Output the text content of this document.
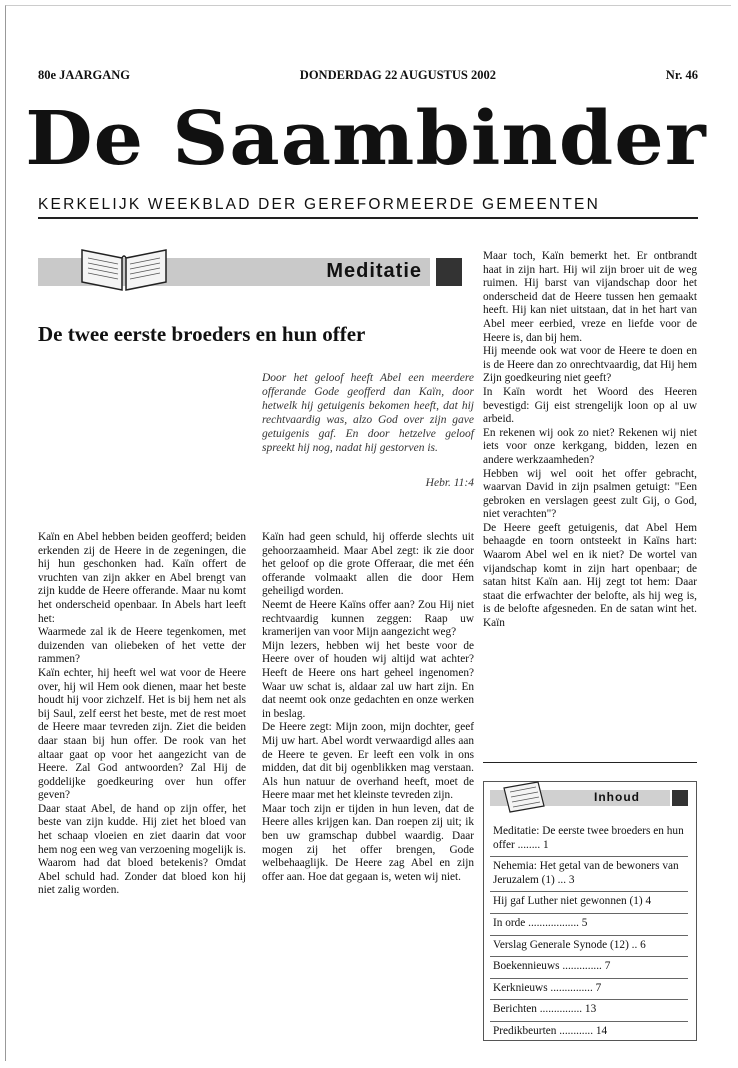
80e JAARGANG	DONDERDAG 22 AUGUSTUS 2002	Nr. 46
De Saambinder
KERKELIJK WEEKBLAD DER GEREFORMEERDE GEMEENTEN
Meditatie
De twee eerste broeders en hun offer
Door het geloof heeft Abel een meerdere offerande Gode geofferd dan Kaïn, door hetwelk hij getuigenis bekomen heeft, dat hij rechtvaardig was, alzo God over zijn gave getuigenis gaf. En door hetzelve geloof spreekt hij nog, nadat hij gestorven is.
Hebr. 11:4

Kaïn en Abel hebben beiden geofferd; beiden erkenden zij de Heere in de zegeningen, die hij hun geschonken had. Kaïn offert de vruchten van zijn akker en Abel brengt van zijn kudde de Heere offerande. Maar nu komt het onderscheid openbaar. In Abels hart leeft het:

Waarmede zal ik de Heere tegenkomen, met duizenden van oliebeken of het vette der rammen?

Kaïn echter, hij heeft wel wat voor de Heere over, hij wil Hem ook dienen, maar het beste houdt hij voor zichzelf. Het is bij hem net als bij Saul, zelf eerst het beste, met de rest moet de Heere maar tevreden zijn. Ziet die beiden daar staan bij hun offer. De rook van het altaar gaat op voor het aangezicht van de Heere. Zal God antwoorden? Zal Hij de goddelijke goedkeuring over hun offer geven?

Daar staat Abel, de hand op zijn offer, het beste van zijn kudde. Hij ziet het bloed van het schaap vloeien en ziet daarin dat voor hem nog een weg van verzoening mogelijk is. Waarom had dat bloed betekenis? Omdat Abel schuld had. Zonder dat bloed kon hij niet zalig worden.

Kaïn had geen schuld, hij offerde slechts uit gehoorzaamheid. Maar Abel zegt: ik zie door het geloof op die grote Offeraar, die met één offerande volmaakt allen die door Hem geheiligd worden.

Neemt de Heere Kaïns offer aan? Zou Hij niet rechtvaardig kunnen zeggen: Raap uw kramerijen van voor Mijn aangezicht weg?

Mijn lezers, hebben wij het beste voor de Heere over of houden wij altijd wat achter? Heeft de Heere ons hart geheel ingenomen? Waar uw schat is, aldaar zal uw hart zijn. En dat neemt ook onze gedachten en onze werken in beslag.

De Heere zegt: Mijn zoon, mijn dochter, geef Mij uw hart. Abel wordt verwaardigd alles aan de Heere te geven. Er leeft een volk in ons midden, dat dit bij ogenblikken mag verstaan. Als hun natuur de overhand heeft, moet de Heere maar met het kleinste tevreden zijn.

Maar toch zijn er tijden in hun leven, dat de Heere alles krijgen kan. Dan roepen zij uit; ik ben uw gramschap dubbel waardig. Daar mogen zij het offer brengen, Gode welbehaaglijk. De Heere zag Abel en zijn offer aan. Hoe dat gegaan is, weten wij niet.

Maar toch, Kaïn bemerkt het. Er ontbrandt haat in zijn hart. Hij wil zijn broer uit de weg ruimen. Hij barst van vijandschap door het onderscheid dat de Heere tussen hen gemaakt heeft. Hij kan niet uitstaan, dat in het hart van Abel meer eerbied, vreze en liefde voor de Heere is, dan bij hem.

Hij meende ook wat voor de Heere te doen en is de Heere dan zo onrechtvaardig, dat Hij hem Zijn goedkeuring niet geeft?

In Kaïn wordt het Woord des Heeren bevestigd: Gij eist strengelijk loon op al uw arbeid.

En rekenen wij ook zo niet? Rekenen wij niet iets voor onze kerkgang, bidden, lezen en andere werkzaamheden?

Hebben wij wel ooit het offer gebracht, waarvan David in zijn psalmen getuigt: "Een gebroken en verslagen geest zult Gij, o God, niet verachten"?

De Heere geeft getuigenis, dat Abel Hem behaagde en toorn ontsteekt in Kaïns hart: Waarom Abel wel en ik niet? De wortel van vijandschap komt in zijn hart openbaar; de satan hitst Kaïn aan. Hij zegt tot hem: Daar staat die erfwachter der belofte, als hij weg is, is de belofte afgesneden. En de satan wint het. Kaïn

Inhoud
Meditatie: De eerste twee broeders en hun offer ........ 1
Nehemia: Het getal van de bewoners van Jeruzalem (1) ... 3
Hij gaf Luther niet gewonnen (1) 4
In orde .................. 5
Verslag Generale Synode (12) .. 6
Boekennieuws .............. 7
Kerknieuws ............... 7
Berichten ............... 13
Predikbeurten ............ 14
